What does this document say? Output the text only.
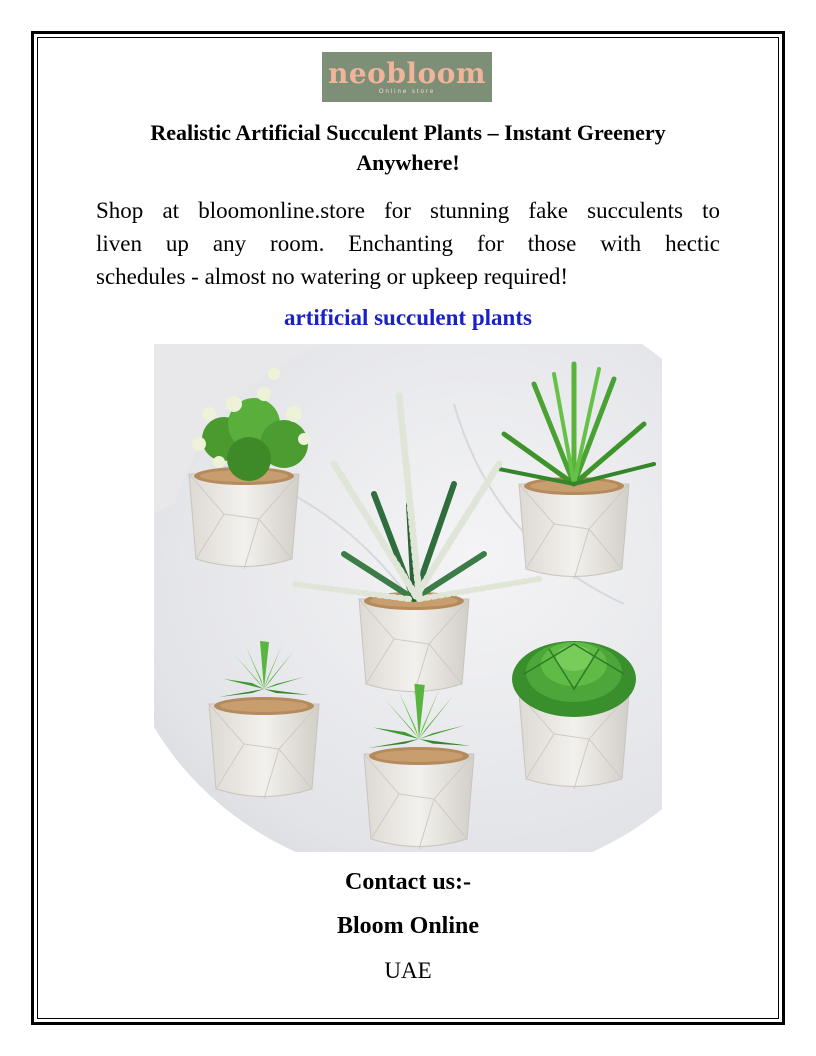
neobloom
Online store
Realistic Artificial Succulent Plants – Instant Greenery Anywhere!
Shop at bloomonline.store for stunning fake succulents to
liven up any room. Enchanting for those with hectic
schedules - almost no watering or upkeep required!
artificial succulent plants
Contact us:-
Bloom Online
UAE
